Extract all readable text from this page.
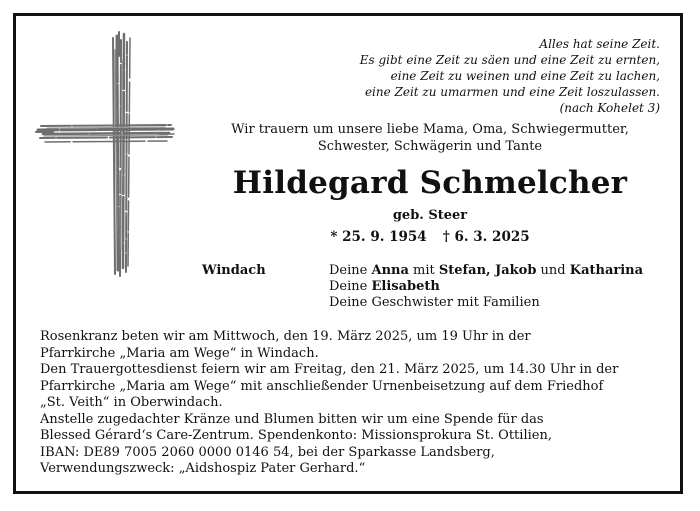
Alles hat seine Zeit.
Es gibt eine Zeit zu säen und eine Zeit zu ernten,
eine Zeit zu weinen und eine Zeit zu lachen,
eine Zeit zu umarmen und eine Zeit loszulassen.
(nach Kohelet 3)
Wir trauern um unsere liebe Mama, Oma, Schwiegermutter,
Schwester, Schwägerin und Tante
Hildegard Schmelcher
geb. Steer
* 25. 9. 1954 † 6. 3. 2025
Windach	Deine Anna mit Stefan, Jakob und Katharina
Deine Elisabeth
Deine Geschwister mit Familien
Rosenkranz beten wir am Mittwoch, den 19. März 2025, um 19 Uhr in der
Pfarrkirche „Maria am Wege“ in Windach.
Den Trauergottesdienst feiern wir am Freitag, den 21. März 2025, um 14.30 Uhr in der
Pfarrkirche „Maria am Wege“ mit anschließender Urnenbeisetzung auf dem Friedhof
„St. Veith“ in Oberwindach.
Anstelle zugedachter Kränze und Blumen bitten wir um eine Spende für das
Blessed Gérard‘s Care-Zentrum. Spendenkonto: Missionsprokura St. Ottilien,
IBAN: DE89 7005 2060 0000 0146 54, bei der Sparkasse Landsberg,
Verwendungszweck: „Aidshospiz Pater Gerhard.“
